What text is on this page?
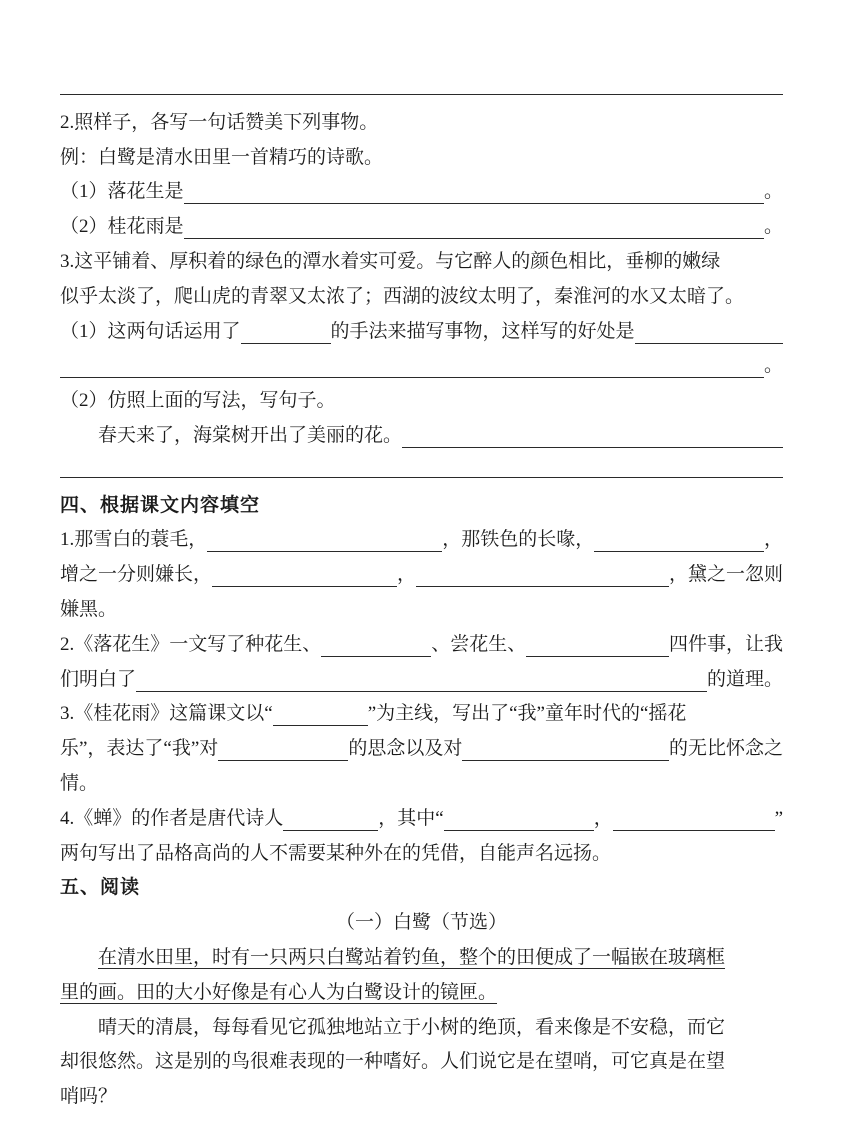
2.照样子，各写一句话赞美下列事物。
例：白鹭是清水田里一首精巧的诗歌。
（1）落花生是	。
（2）桂花雨是	。
3.这平铺着、厚积着的绿色的潭水着实可爱。与它醉人的颜色相比，垂柳的嫩绿
似乎太淡了，爬山虎的青翠又太浓了；西湖的波纹太明了，秦淮河的水又太暗了。
（1）这两句话运用了	的手法来描写事物，这样写的好处是
。
（2）仿照上面的写法，写句子。
春天来了，海棠树开出了美丽的花。
四、根据课文内容填空
1.那雪白的蓑毛，	，那铁色的长喙，	，
增之一分则嫌长，	，	，黛之一忽则
嫌黑。
2.《落花生》一文写了种花生、	、尝花生、	四件事，让我
们明白了	的道理。
3.《桂花雨》这篇课文以“	”为主线，写出了“我”童年时代的“摇花
乐”，表达了“我”对	的思念以及对	的无比怀念之
情。
4.《蝉》的作者是唐代诗人	，其中“	，	”
两句写出了品格高尚的人不需要某种外在的凭借，自能声名远扬。
五、阅读
（一）白鹭（节选）
在清水田里，时有一只两只白鹭站着钓鱼，整个的田便成了一幅嵌在玻璃框
里的画。田的大小好像是有心人为白鹭设计的镜匣。
晴天的清晨，每每看见它孤独地站立于小树的绝顶，看来像是不安稳，而它
却很悠然。这是别的鸟很难表现的一种嗜好。人们说它是在望哨，可它真是在望
哨吗？
